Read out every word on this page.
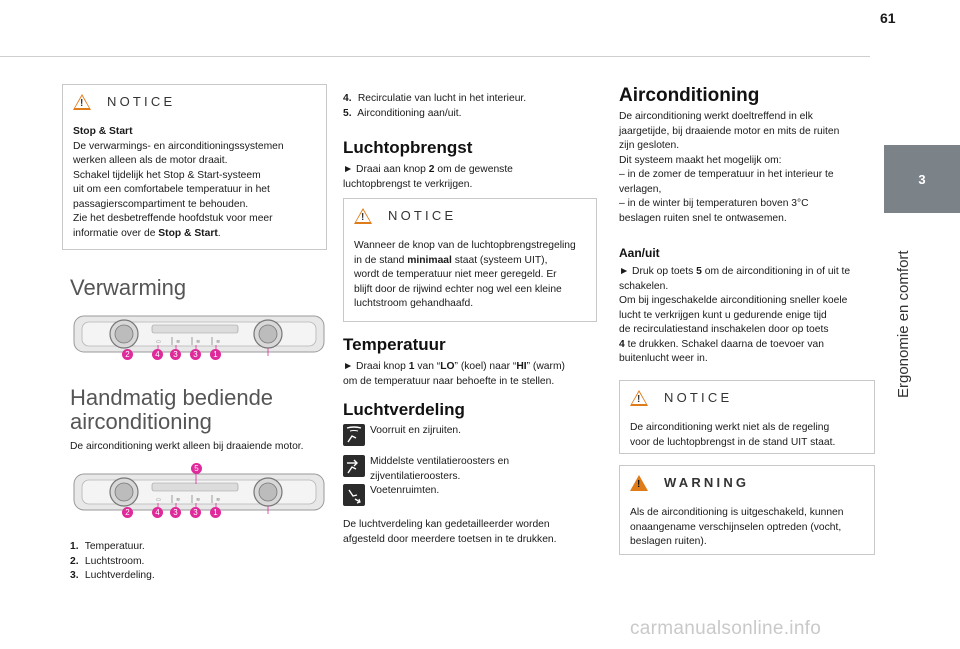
61
3
Ergonomie en comfort
! NOTICE

Stop & Start

De verwarmings- en airconditioningssystemen

werken alleen als de motor draait.

Schakel tijdelijk het Stop & Start-systeem

uit om een comfortabele temperatuur in het

passagierscompartiment te behouden.

Zie het desbetreffende hoofdstuk voor meer

informatie over de Stop & Start.

Verwarming
▭	≋	≋	≋
2	4	3	3	1
Handmatig bediende
airconditioning
De airconditioning werkt alleen bij draaiende motor.
▭	≋	≋	≋
5
2	4	3	3	1
1. Temperatuur.
2. Luchtstroom.
3. Luchtverdeling.
4. Recirculatie van lucht in het interieur.
5. Airconditioning aan/uit.
Luchtopbrengst

► Draai aan knop 2 om de gewenste

luchtopbrengst te verkrijgen.

! NOTICE

Wanneer de knop van de luchtopbrengstregeling

in de stand minimaal staat (systeem UIT),

wordt de temperatuur niet meer geregeld. Er

blijft door de rijwind echter nog wel een kleine

luchtstroom gehandhaafd.

Temperatuur

► Draai knop 1 van “LO” (koel) naar “HI” (warm)

om de temperatuur naar behoefte in te stellen.

Luchtverdeling
Voorruit en zijruiten.
Middelste ventilatieroosters en
zijventilatieroosters.
Voetenruimten.

De luchtverdeling kan gedetailleerder worden

afgesteld door meerdere toetsen in te drukken.

Airconditioning

De airconditioning werkt doeltreffend in elk

jaargetijde, bij draaiende motor en mits de ruiten

zijn gesloten.

Dit systeem maakt het mogelijk om:

– in de zomer de temperatuur in het interieur te

verlagen,

– in de winter bij temperaturen boven 3°C

beslagen ruiten snel te ontwasemen.

Aan/uit

► Druk op toets 5 om de airconditioning in of uit te

schakelen.

Om bij ingeschakelde airconditioning sneller koele

lucht te verkrijgen kunt u gedurende enige tijd

de recirculatiestand inschakelen door op toets

4 te drukken. Schakel daarna de toevoer van

buitenlucht weer in.

! NOTICE

De airconditioning werkt niet als de regeling

voor de luchtopbrengst in de stand UIT staat.

! WARNING

Als de airconditioning is uitgeschakeld, kunnen

onaangename verschijnselen optreden (vocht,

beslagen ruiten).

carmanualsonline.info
